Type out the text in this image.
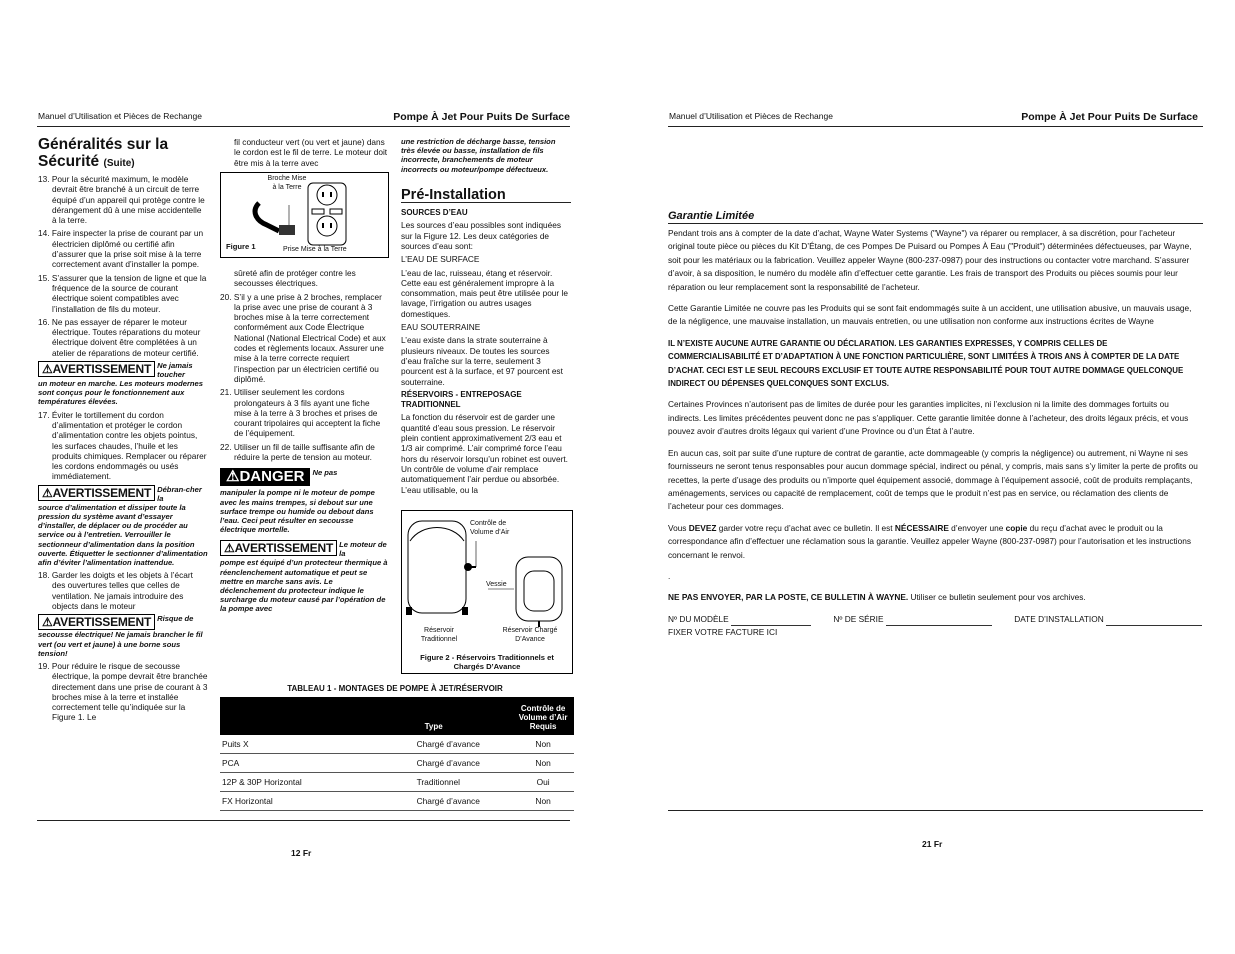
Manuel d’Utilisation et Pièces de Rechange	Pompe À Jet Pour Puits De Surface
Généralités sur la Sécurité (Suite)

13. Pour la sécurité maximum, le modèle devrait être branché à un circuit de terre équipé d’un appareil qui protège contre le dérangement dû à une mise accidentelle à la terre.

14. Faire inspecter la prise de courant par un électricien diplômé ou certifié afin d’assurer que la prise soit mise à la terre correctement avant d’installer la pompe.

15. S’assurer que la tension de ligne et que la fréquence de la source de courant électrique soient compatibles avec l’installation de fils du moteur.

16. Ne pas essayer de réparer le moteur électrique. Toutes réparations du moteur électrique doivent être complétées à un atelier de réparations de moteur certifié.

⚠AVERTISSEMENT Ne jamais toucher

un moteur en marche. Les moteurs modernes sont conçus pour le fonctionnement aux températures élevées.

17. Éviter le tortillement du cordon d’alimentation et protéger le cordon d’alimentation contre les objets pointus, les surfaces chaudes, l’huile et les produits chimiques. Remplacer ou réparer les cordons endommagés ou usés immédiatement.

⚠AVERTISSEMENT Débran-cher la

source d’alimentation et dissiper toute la pression du système avant d’essayer d’installer, de déplacer ou de procéder au service ou à l’entretien. Verrouiller le sectionneur d’alimentation dans la position ouverte. Étiquetter le sectionner d’alimentation afin d’éviter l’alimentation inattendue.

18. Garder les doigts et les objets à l’écart des ouvertures telles que celles de ventilation. Ne jamais introduire des objects dans le moteur

⚠AVERTISSEMENT Risque de

secousse électrique! Ne jamais brancher le fil vert (ou vert et jaune) à une borne sous tension!

19. Pour réduire le risque de secousse électrique, la pompe devrait être branchée directement dans une prise de courant à 3 broches mise à la terre et installée correctement telle qu’indiquée sur la Figure 1. Le

fil conducteur vert (ou vert et jaune) dans le cordon est le fil de terre. Le moteur doit être mis à la terre avec

Broche Mise à la Terre
Figure 1	Prise Mise à la Terre

sûreté afin de protéger contre les secousses électriques.

20. S’il y a une prise à 2 broches, remplacer la prise avec une prise de courant à 3 broches mise à la terre correctement conformément aux Code Électrique National (National Electrical Code) et aux codes et règlements locaux. Assurer une mise à la terre correcte requiert l’inspection par un électricien certifié ou diplômé.

21. Utiliser seulement les cordons prolongateurs à 3 fils ayant une fiche mise à la terre à 3 broches et prises de courant tripolaires qui acceptent la fiche de l’équipement.

22. Utiliser un fil de taille suffisante afin de réduire la perte de tension au moteur.

⚠DANGER	Ne pas

manipuler la pompe ni le moteur de pompe avec les mains trempes, si debout sur une surface trempe ou humide ou debout dans l’eau. Ceci peut résulter en secousse électrique mortelle.

⚠AVERTISSEMENT Le moteur de la

pompe est équipé d’un protecteur thermique à réenclenchement automatique et peut se mettre en marche sans avis. Le déclenchement du protecteur indique le surcharge du moteur causé par l’opération de la pompe avec

une restriction de décharge basse, tension très élevée ou basse, installation de fils incorrecte, branchements de moteur incorrects ou moteur/pompe défectueux.

Pré-Installation
SOURCES D’EAU

Les sources d’eau possibles sont indiquées sur la Figure 12. Les deux catégories de sources d’eau sont:

L’EAU DE SURFACE

L’eau de lac, ruisseau, étang et réservoir. Cette eau est généralement impropre à la consommation, mais peut être utilisée pour le lavage, l’irrigation ou autres usages domestiques.

EAU SOUTERRAINE

L’eau existe dans la strate souterraine à plusieurs niveaux. De toutes les sources d’eau fraîche sur la terre, seulement 3 pourcent est à la surface, et 97 pourcent est souterraine.

RÉSERVOIRS - ENTREPOSAGE TRADITIONNEL

La fonction du réservoir est de garder une quantité d’eau sous pression. Le réservoir plein contient approximativement 2/3 eau et 1/3 air comprimé. L’air comprimé force l’eau hors du réservoir lorsqu’un robinet est ouvert. Un contrôle de volume d’air remplace automatiquement l’air perdue ou absorbée. L’eau utilisable, ou la

Contrôle de Volume d’Air
Vessie
Réservoir Traditionnel
Réservoir Chargé D’Avance
Figure 2 - Réservoirs Traditionnels et Chargés D’Avance
TABLEAU 1 - MONTAGES DE POMPE À JET/RÉSERVOIR
	Type	Contrôle de Volume d’Air Requis
Puits X	Chargé d’avance	Non
PCA	Chargé d’avance	Non
12P & 30P Horizontal	Traditionnel	Oui
FX Horizontal	Chargé d’avance	Non
12 Fr
Manuel d’Utilisation et Pièces de Rechange	Pompe À Jet Pour Puits De Surface
Garantie Limitée

Pendant trois ans à compter de la date d’achat, Wayne Water Systems ("Wayne") va réparer ou remplacer, à sa discrétion, pour l’acheteur original toute pièce ou pièces du Kit D’Étang, de ces Pompes De Puisard ou Pompes À Eau ("Produit") déterminées défectueuses, par Wayne, soit pour les matériaux ou la fabrication. Veuillez appeler Wayne (800-237-0987) pour des instructions ou contacter votre marchand. S’assurer d’avoir, à sa disposition, le numéro du modèle afin d’effectuer cette garantie. Les frais de transport des Produits ou pièces soumis pour leur réparation ou leur remplacement sont la responsabilité de l’acheteur.

Cette Garantie Limitée ne couvre pas les Produits qui se sont fait endommagés suite à un accident, une utilisation abusive, un mauvais usage, de la négligence, une mauvaise installation, un mauvais entretien, ou une utilisation non conforme aux instructions écrites de Wayne

IL N’EXISTE AUCUNE AUTRE GARANTIE OU DÉCLARATION. LES GARANTIES EXPRESSES, Y COMPRIS CELLES DE COMMERCIALISABILITÉ ET D’ADAPTATION À UNE FONCTION PARTICULIÈRE, SONT LIMITÉES À TROIS ANS À COMPTER DE LA DATE D’ACHAT. CECI EST LE SEUL RECOURS EXCLUSIF ET TOUTE AUTRE RESPONSABILITÉ POUR TOUT AUTRE DOMMAGE QUELCONQUE INDIRECT OU DÉPENSES QUELCONQUES SONT EXCLUS.

Certaines Provinces n’autorisent pas de limites de durée pour les garanties implicites, ni l’exclusion ni la limite des dommages fortuits ou indirects. Les limites précédentes peuvent donc ne pas s’appliquer. Cette garantie limitée donne à l’acheteur, des droits légaux précis, et vous pouvez avoir d’autres droits légaux qui varient d’une Province ou d’un État à l’autre.

En aucun cas, soit par suite d’une rupture de contrat de garantie, acte dommageable (y compris la négligence) ou autrement, ni Wayne ni ses fournisseurs ne seront tenus responsables pour aucun dommage spécial, indirect ou pénal, y compris, mais sans s’y limiter la perte de profits ou recettes, la perte d’usage des produits ou n’importe quel équipement associé, dommage à l’équipement associé, coût de produits remplaçants, aménagements, services ou capacité de remplacement, coût de temps que le produit n’est pas en service, ou réclamation des clients de l’acheteur pour ces dommages.

Vous DEVEZ garder votre reçu d’achat avec ce bulletin. Il est NÉCESSAIRE d’envoyer une copie du reçu d’achat avec le produit ou la correspondance afin d’effectuer une réclamation sous la garantie. Veuillez appeler Wayne (800-237-0987) pour l’autorisation et les instructions concernant le renvoi.

.

NE PAS ENVOYER, PAR LA POSTE, CE BULLETIN À WAYNE. Utiliser ce bulletin seulement pour vos archives.

Nº DU MODÈLE	Nº DE SÉRIE	DATE D’INSTALLATION

FIXER VOTRE FACTURE ICI

21 Fr
